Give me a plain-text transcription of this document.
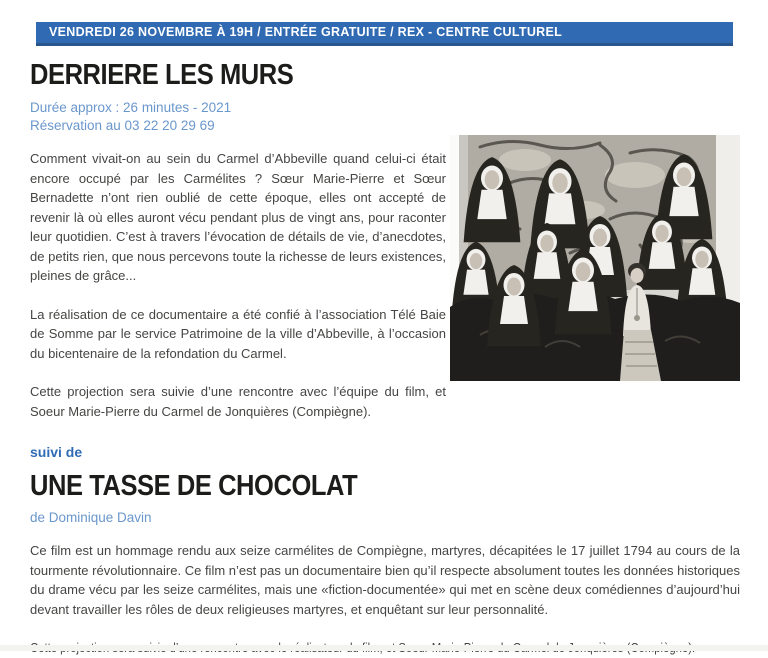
VENDREDI 26 NOVEMBRE À 19H / ENTRÉE GRATUITE / REX - CENTRE CULTUREL
DERRIERE LES MURS
Durée approx : 26 minutes - 2021
Réservation au 03 22 20 29 69

Comment vivait-on au sein du Carmel d’Abbeville quand celui-ci était encore occupé par les Carmélites ? Sœur Marie-Pierre et Sœur Bernadette n’ont rien oublié de cette époque, elles ont accepté de revenir là où elles auront vécu pendant plus de vingt ans, pour raconter leur quotidien. C’est à travers l’évocation de détails de vie, d’anecdotes, de petits rien, que nous percevons toute la richesse de leurs existences, pleines de grâce...

La réalisation de ce documentaire a été confié à l’association Télé Baie de Somme par le service Patrimoine de la ville d’Abbeville, à l’occasion du bicentenaire de la refondation du Carmel.

Cette projection sera suivie d’une rencontre avec l’équipe du film, et Soeur Marie-Pierre du Carmel de Jonquières (Compiègne).

suivi de
UNE TASSE DE CHOCOLAT
de Dominique Davin

Ce film est un hommage rendu aux seize carmélites de Compiègne, martyres, décapitées le 17 juillet 1794 au cours de la tourmente révolutionnaire. Ce film n’est pas un documentaire bien qu’il respecte absolument toutes les données historiques du drame vécu par les seize carmélites, mais une «fiction-documentée» qui met en scène deux comédiennes d’aujourd’hui devant travailler les rôles de deux religieuses martyres, et enquêtant sur leur personnalité.
